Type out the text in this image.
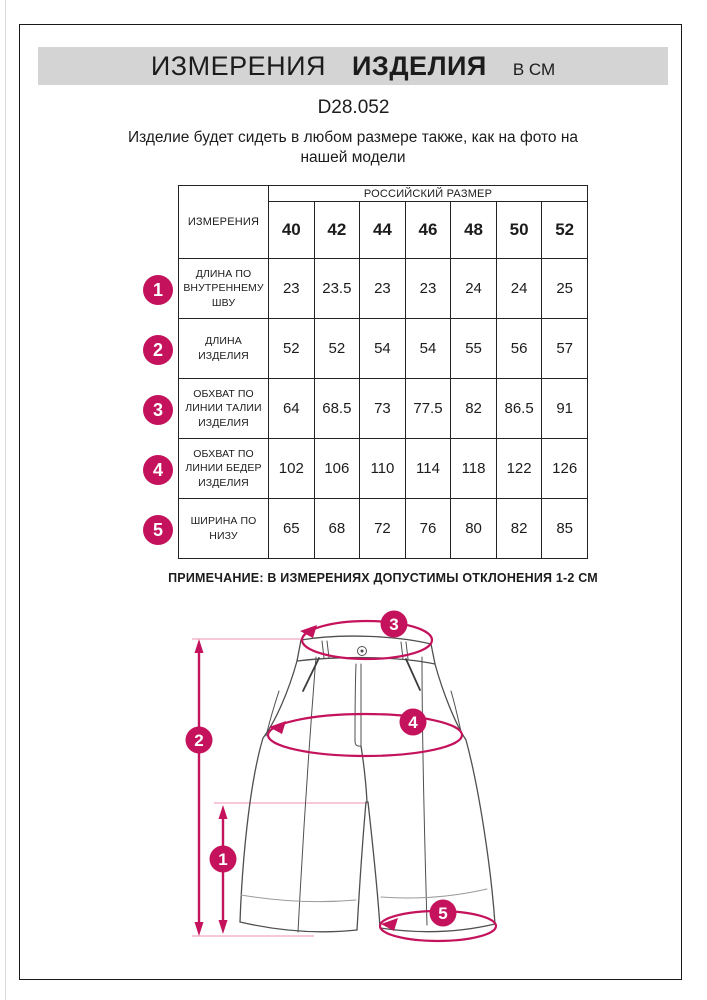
ИЗМЕРЕНИЯ ИЗДЕЛИЯ В СМ
D28.052
Изделие будет сидеть в любом размере также, как на фото на нашей модели
1
2
3
4
5
ИЗМЕРЕНИЯ	РОССИЙСКИЙ РАЗМЕР						
	40	42	44	46	48	50	52
ДЛИНА ПО ВНУТРЕННЕМУ ШВУ	23	23.5	23	23	24	24	25
ДЛИНА ИЗДЕЛИЯ	52	52	54	54	55	56	57
ОБХВАТ ПО ЛИНИИ ТАЛИИ ИЗДЕЛИЯ	64	68.5	73	77.5	82	86.5	91
ОБХВАТ ПО ЛИНИИ БЕДЕР ИЗДЕЛИЯ	102	106	110	114	118	122	126
ШИРИНА ПО НИЗУ	65	68	72	76	80	82	85
ПРИМЕЧАНИЕ: В ИЗМЕРЕНИЯХ ДОПУСТИМЫ ОТКЛОНЕНИЯ 1-2 СМ
3
4
5
2
1
